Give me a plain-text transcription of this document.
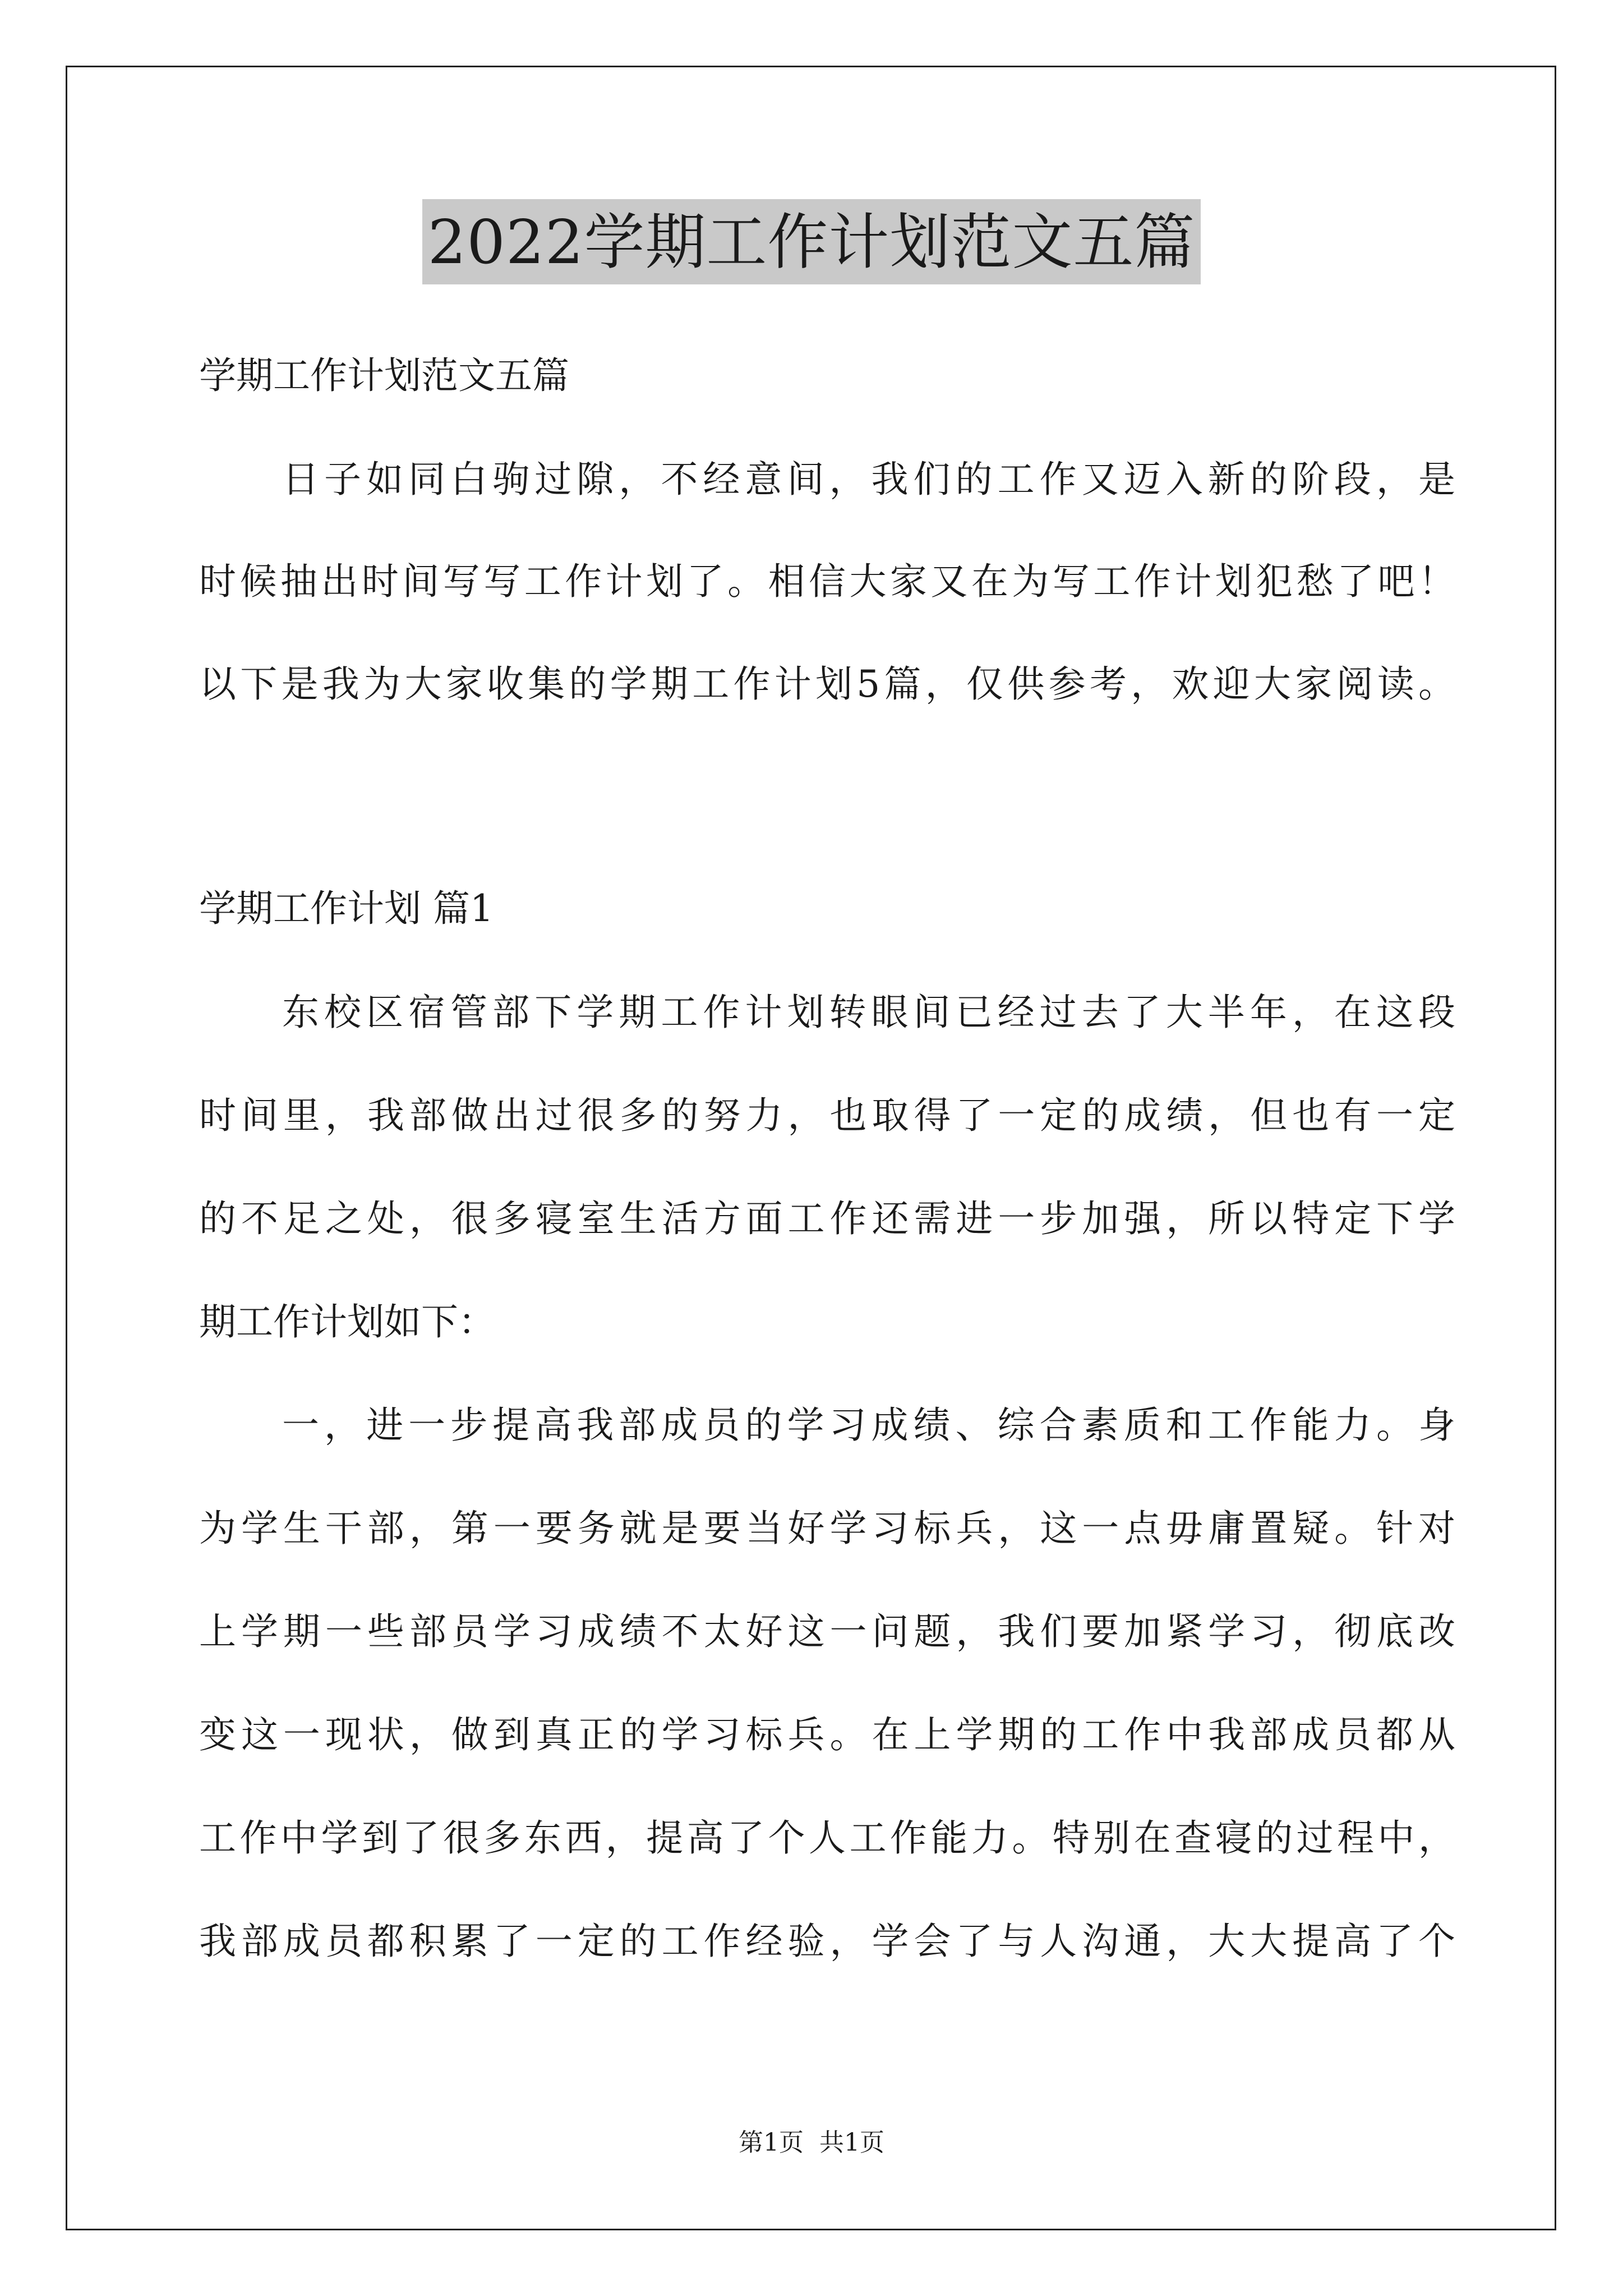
2022学期工作计划范文五篇
学期工作计划范文五篇
日子如同白驹过隙，不经意间，我们的工作又迈入新的阶段，是
时候抽出时间写写工作计划了。相信大家又在为写工作计划犯愁了吧！
以下是我为大家收集的学期工作计划5篇，仅供参考，欢迎大家阅读。
学期工作计划 篇1
东校区宿管部下学期工作计划转眼间已经过去了大半年，在这段
时间里，我部做出过很多的努力，也取得了一定的成绩，但也有一定
的不足之处，很多寝室生活方面工作还需进一步加强，所以特定下学
期工作计划如下：
一，进一步提高我部成员的学习成绩、综合素质和工作能力。身
为学生干部，第一要务就是要当好学习标兵，这一点毋庸置疑。针对
上学期一些部员学习成绩不太好这一问题，我们要加紧学习，彻底改
变这一现状，做到真正的学习标兵。在上学期的工作中我部成员都从
工作中学到了很多东西，提高了个人工作能力。特别在查寝的过程中，
我部成员都积累了一定的工作经验，学会了与人沟通，大大提高了个
第1页 共1页
